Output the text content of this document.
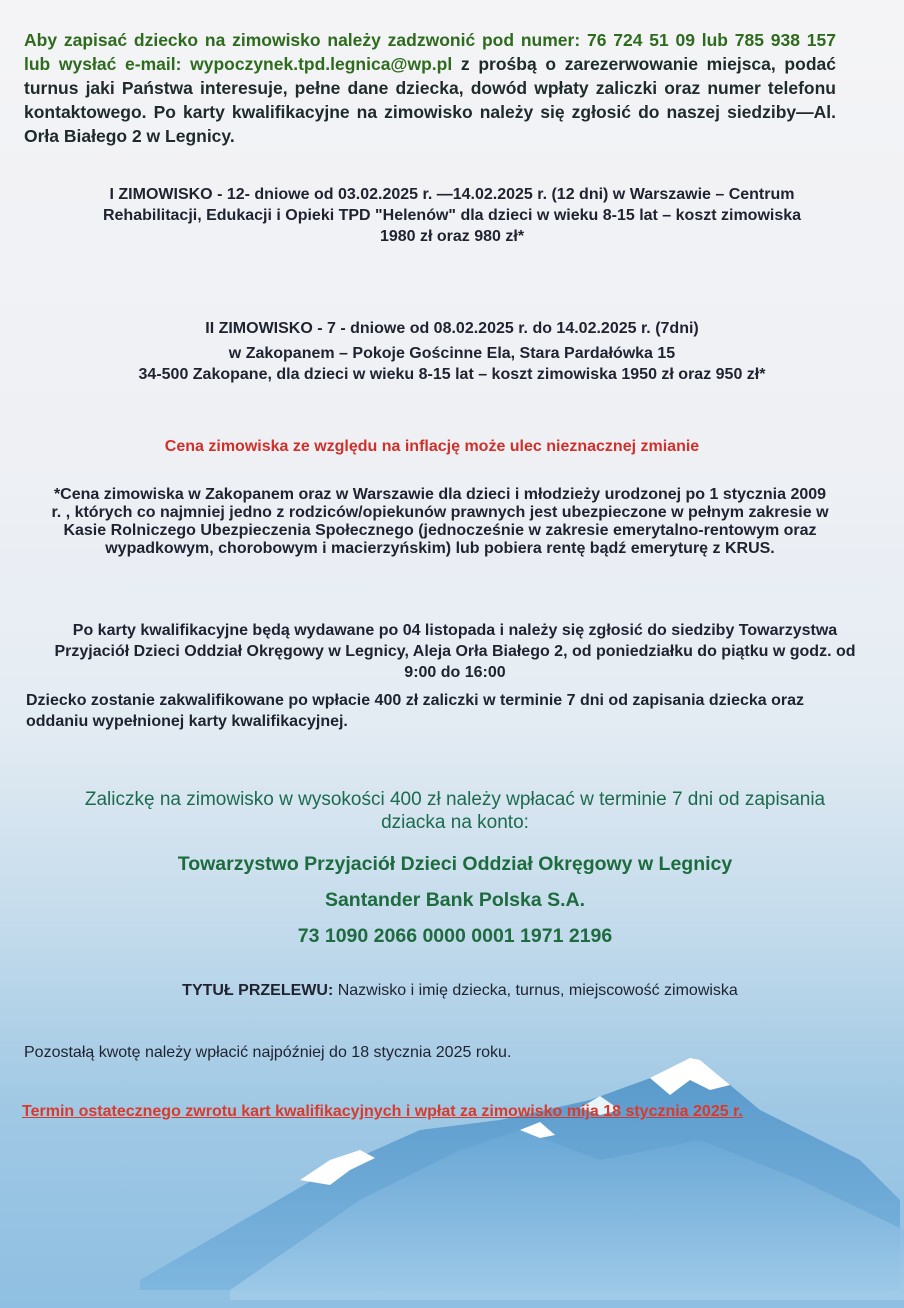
Aby zapisać dziecko na zimowisko należy zadzwonić pod numer: 76 724 51 09 lub 785 938 157 lub wysłać e-mail: wypoczynek.tpd.legnica@wp.pl z prośbą o zarezerwowanie miejsca, podać turnus jaki Państwa interesuje, pełne dane dziecka, dowód wpłaty zaliczki oraz numer telefonu kontaktowego. Po karty kwalifikacyjne na zimowisko należy się zgłosić do naszej siedziby—Al. Orła Białego 2 w Legnicy.

I ZIMOWISKO - 12- dniowe od 03.02.2025 r. —14.02.2025 r. (12 dni) w Warszawie – Centrum
Rehabilitacji, Edukacji i Opieki TPD "Helenów" dla dzieci w wieku 8-15 lat – koszt zimowiska
1980 zł oraz 980 zł*
II ZIMOWISKO - 7 - dniowe od 08.02.2025 r. do 14.02.2025 r. (7dni)
w Zakopanem – Pokoje Gościnne Ela, Stara Pardałówka 15
34-500 Zakopane, dla dzieci w wieku 8-15 lat – koszt zimowiska 1950 zł oraz 950 zł*

Cena zimowiska ze względu na inflację może ulec nieznacznej zmianie

*Cena zimowiska w Zakopanem oraz w Warszawie dla dzieci i młodzieży urodzonej po 1 stycznia 2009 r. , których co najmniej jedno z rodziców/opiekunów prawnych jest ubezpieczone w pełnym zakresie w Kasie Rolniczego Ubezpieczenia Społecznego (jednocześnie w zakresie emerytalno-rentowym oraz wypadkowym, chorobowym i macierzyńskim) lub pobiera rentę bądź emeryturę z KRUS.

Po karty kwalifikacyjne będą wydawane po 04 listopada i należy się zgłosić do siedziby Towarzystwa Przyjaciół Dzieci Oddział Okręgowy w Legnicy, Aleja Orła Białego 2, od poniedziałku do piątku w godz. od 9:00 do 16:00

Dziecko zostanie zakwalifikowane po wpłacie 400 zł zaliczki w terminie 7 dni od zapisania dziecka oraz oddaniu wypełnionej karty kwalifikacyjnej.

Zaliczkę na zimowisko w wysokości 400 zł należy wpłacać w terminie 7 dni od zapisania dziacka na konto:

Towarzystwo Przyjaciół Dzieci Oddział Okręgowy w Legnicy
Santander Bank Polska S.A.
73 1090 2066 0000 0001 1971 2196

TYTUŁ PRZELEWU: Nazwisko i imię dziecka, turnus, miejscowość zimowiska

Pozostałą kwotę należy wpłacić najpóźniej do 18 stycznia 2025 roku.

Termin ostatecznego zwrotu kart kwalifikacyjnych i wpłat za zimowisko mija 18 stycznia 2025 r.
